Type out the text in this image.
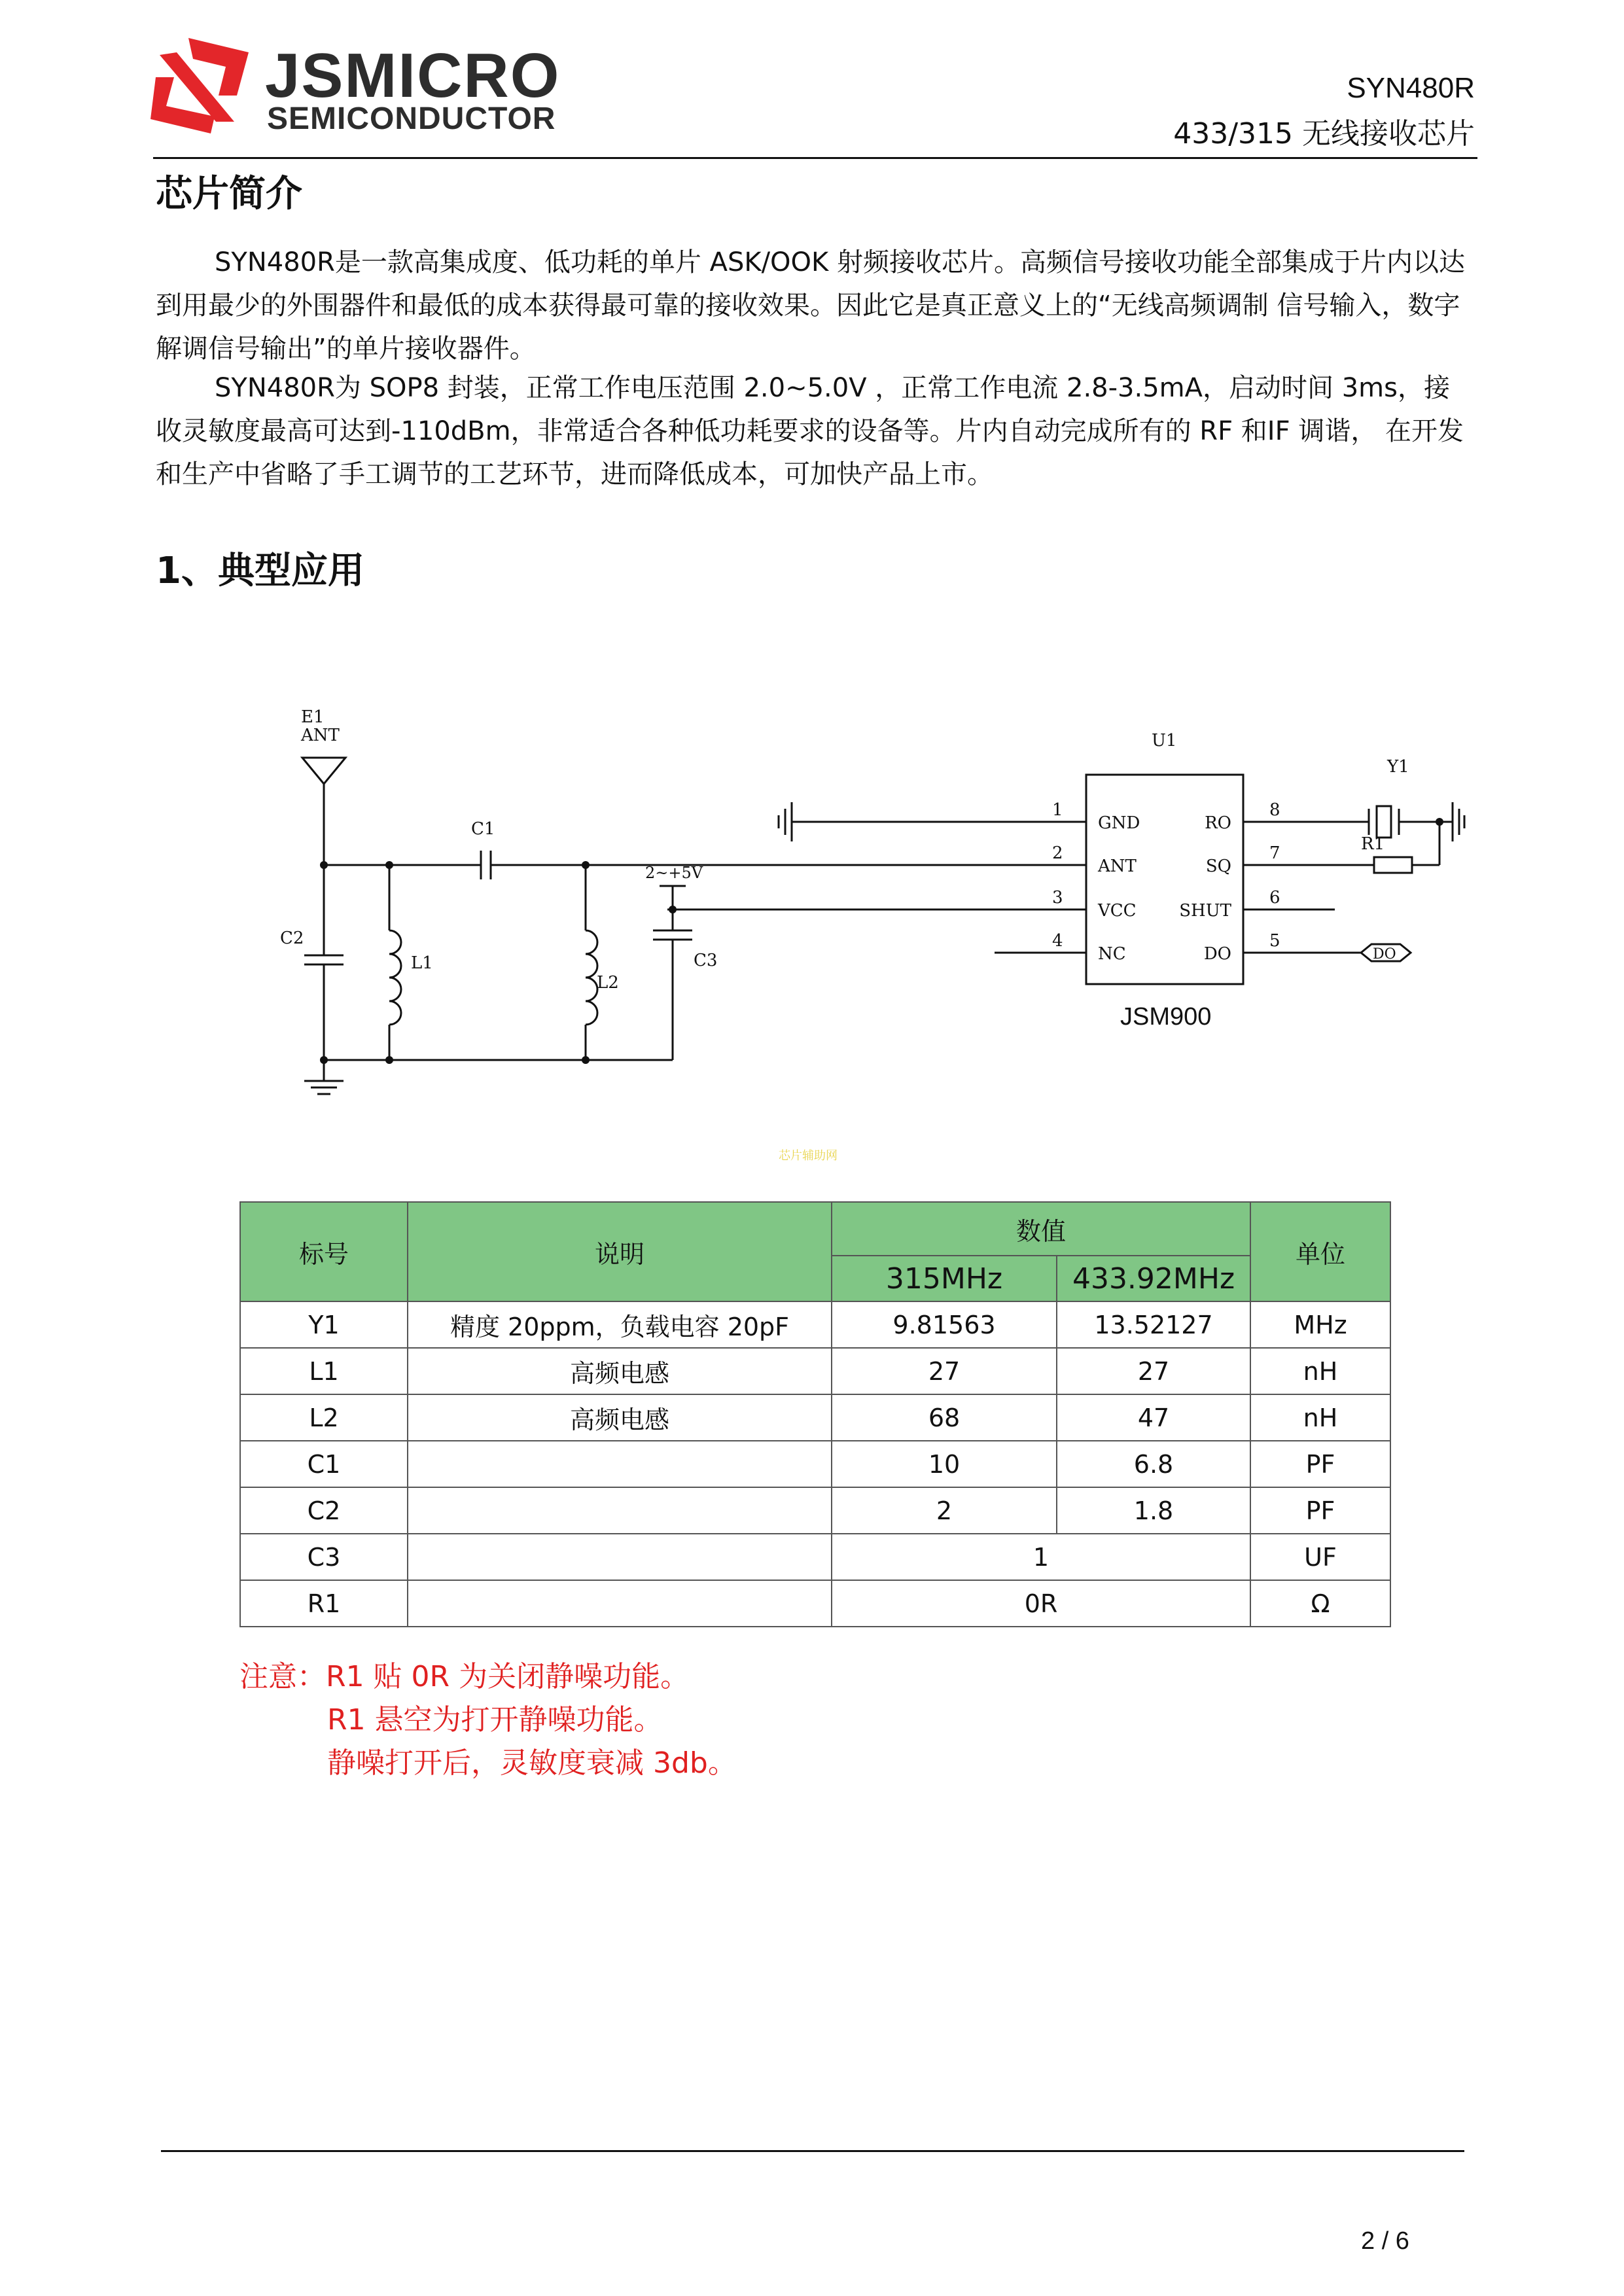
JSMICRO
SEMICONDUCTOR
SYN480R
433/315 无线接收芯片
芯片简介
SYN480R是一款高集成度、低功耗的单片 ASK/OOK 射频接收芯片。高频信号接收功能全部集成于片内以达到用最少的外围器件和最低的成本获得最可靠的接收效果。因此它是真正意义上的“无线高频调制 信号输入，数字解调信号输出”的单片接收器件。
SYN480R为 SOP8 封装，正常工作电压范围 2.0~5.0V ，正常工作电流 2.8-3.5mA，启动时间 3ms，接 收灵敏度最高可达到-110dBm，非常适合各种低功耗要求的设备等。片内自动完成所有的 RF 和IF 调谐， 在开发和生产中省略了手工调节的工艺环节，进而降低成本，可加快产品上市。
1、典型应用
E1
ANT
C1
C2
L1
L2
C3
2~+5V
U1
Y1
R1
DO
1
2
3
4
8
7
6
5
GND
ANT
VCC
NC
RO
SQ
SHUT
DO
JSM900
芯片辅助网
标号	说明	数值		单位
		315MHz	433.92MHz	
Y1	精度 20ppm，负载电容 20pF	9.81563	13.52127	MHz
L1	高频电感	27	27	nH
L2	高频电感	68	47	nH
C1		10	6.8	PF
C2		2	1.8	PF
C3		1		UF
R1		0R		Ω
注意：R1 贴 0R 为关闭静噪功能。
R1 悬空为打开静噪功能。
静噪打开后，灵敏度衰减 3db。
2 / 6
